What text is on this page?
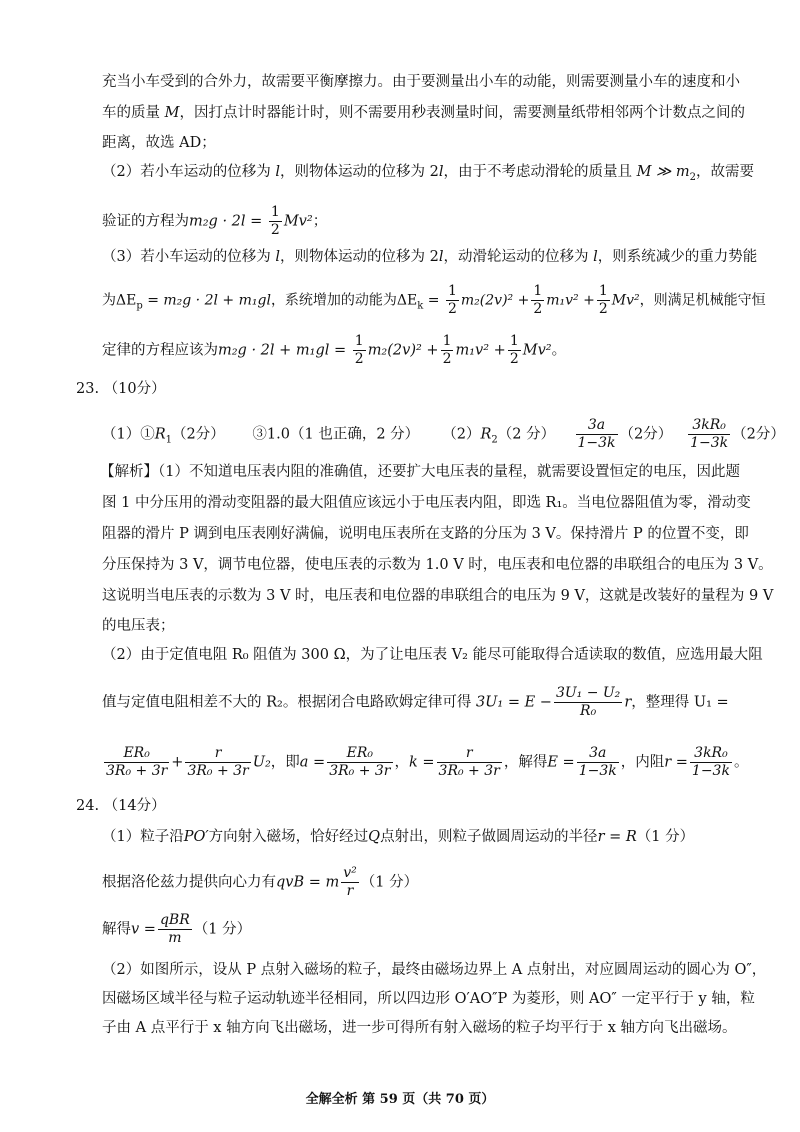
充当小车受到的合外力，故需要平衡摩擦力。由于要测量出小车的动能，则需要测量小车的速度和小
车的质量 M，因打点计时器能计时，则不需要用秒表测量时间，需要测量纸带相邻两个计数点之间的
距离，故选 AD；
（2）若小车运动的位移为 l，则物体运动的位移为 2l，由于不考虑动滑轮的质量且 M ≫ $m_2$，故需要
验证的方程为$m_2g \cdot 2l = \frac{1}{2} Mv^2$；
（3）若小车运动的位移为 l，则物体运动的位移为 2l，动滑轮运动的位移为 l，则系统减少的重力势能
为$\Delta E_p = m_2g \cdot 2l + m_1gl$，系统增加的动能为$\Delta E_k = \frac{1}{2} m_2(2v)^2 + \frac{1}{2} m_1v^2 + \frac{1}{2} Mv^2$，则满足机械能守恒
定律的方程应该为$m_2g \cdot 2l + m_1gl = \frac{1}{2} m_2(2v)^2 + \frac{1}{2} m_1v^2 + \frac{1}{2} Mv^2$。
23. （10分）
$(1)①R_1(2$分） ③1.0（1 也正确，2 分） $(2)R_2(2$ 分） $\frac{3a}{1-3k} (2$分） $\frac{\text{3kR₀}}{1-3k} (2$分）
【解析】（1）不知道电压表内阻的准确值，还要扩大电压表的量程，就需要设置恒定的电压，因此题
图 1 中分压用的滑动变阻器的最大阻值应该远小于电压表内阻，即选 R₁。当电位器阻值为零，滑动变
阻器的滑片 P 调到电压表刚好满偏，说明电压表所在支路的分压为 3 V。保持滑片 P 的位置不变，即
分压保持为 3 V，调节电位器，使电压表的示数为 1.0 V 时，电压表和电位器的串联组合的电压为 3 V。
这说明当电压表的示数为 3 V 时，电压表和电位器的串联组合的电压为 9 V，这就是改装好的量程为 9 V
的电压表；
（2）由于定值电阻 R₀ 阻值为 300 Ω，为了让电压表 V₂ 能尽可能取得合适读取的数值，应选用最大阻
值与定值电阻相差不大的 R₂。根据闭合电路欧姆定律可得 $3U_1 = E - \frac{\text{3U₁ − U₂}}{\text{R₀}}$ r，整理得 U₁ =
$\frac{\text{ER₀}}{\text{3R₀ + 3r}} + \frac{r}{\text{3R₀ + 3r}} U_2$，即$a = \frac{\text{ER₀}}{\text{3R₀ + 3r}}$ ，$k = \frac{r}{\text{3R₀ + 3r}}$ ，解得$E = \frac{3a}{1-3k}$ ，内阻$r = \frac{\text{3kR₀}}{1-3k}$ 。
24. （14分）
（1）粒子沿PO′方向射入磁场，恰好经过Q点射出，则粒子做圆周运动的半径r = R（1 分）
根据洛伦兹力提供向心力有qvB = m $\frac{\text{v²}}{r} (1$ 分）
解得$v = \frac{\text{qBR}}{m} (1$ 分）
（2）如图所示，设从 P 点射入磁场的粒子，最终由磁场边界上 A 点射出，对应圆周运动的圆心为 O″，
因磁场区域半径与粒子运动轨迹半径相同，所以四边形 O′AO″P 为菱形，则 AO″ 一定平行于 y 轴，粒
子由 A 点平行于 x 轴方向飞出磁场，进一步可得所有射入磁场的粒子均平行于 x 轴方向飞出磁场。
全解全析 第 59 页（共 70 页）
